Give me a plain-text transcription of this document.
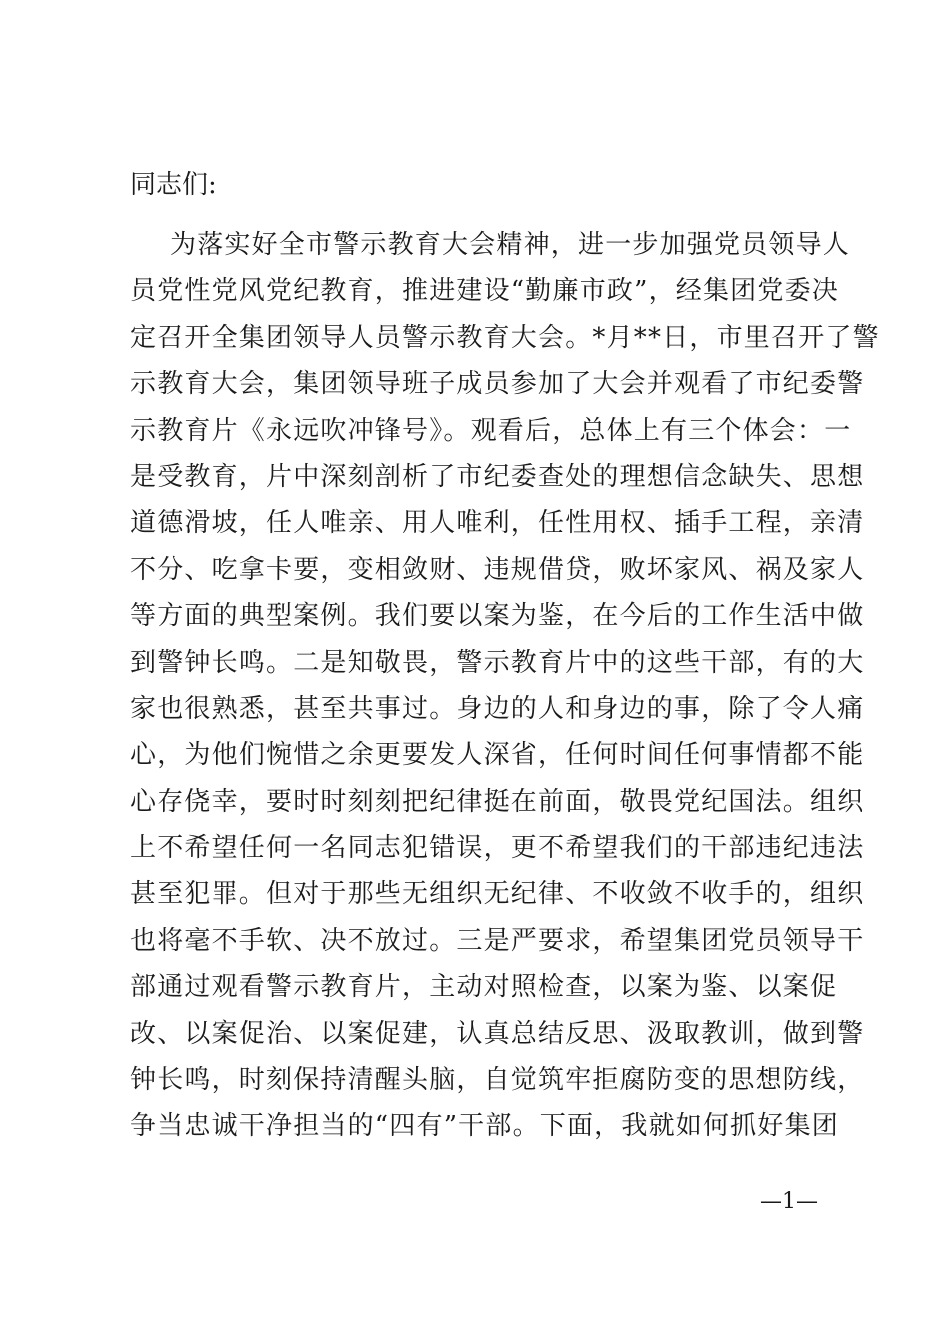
同志们:
为落实好全市警示教育大会精神，进一步加强党员领导人
员党性党风党纪教育，推进建设“勤廉市政”，经集团党委决
定召开全集团领导人员警示教育大会。*月**日，市里召开了警
示教育大会，集团领导班子成员参加了大会并观看了市纪委警
示教育片《永远吹冲锋号》。观看后，总体上有三个体会：一
是受教育，片中深刻剖析了市纪委查处的理想信念缺失、思想
道德滑坡，任人唯亲、用人唯利，任性用权、插手工程，亲清
不分、吃拿卡要，变相敛财、违规借贷，败坏家风、祸及家人
等方面的典型案例。我们要以案为鉴，在今后的工作生活中做
到警钟长鸣。二是知敬畏，警示教育片中的这些干部，有的大
家也很熟悉，甚至共事过。身边的人和身边的事，除了令人痛
心，为他们惋惜之余更要发人深省，任何时间任何事情都不能
心存侥幸，要时时刻刻把纪律挺在前面，敬畏党纪国法。组织
上不希望任何一名同志犯错误，更不希望我们的干部违纪违法
甚至犯罪。但对于那些无组织无纪律、不收敛不收手的，组织
也将毫不手软、决不放过。三是严要求，希望集团党员领导干
部通过观看警示教育片，主动对照检查，以案为鉴、以案促
改、以案促治、以案促建，认真总结反思、汲取教训，做到警
钟长鸣，时刻保持清醒头脑，自觉筑牢拒腐防变的思想防线，
争当忠诚干净担当的“四有”干部。下面，我就如何抓好集团
—1—
